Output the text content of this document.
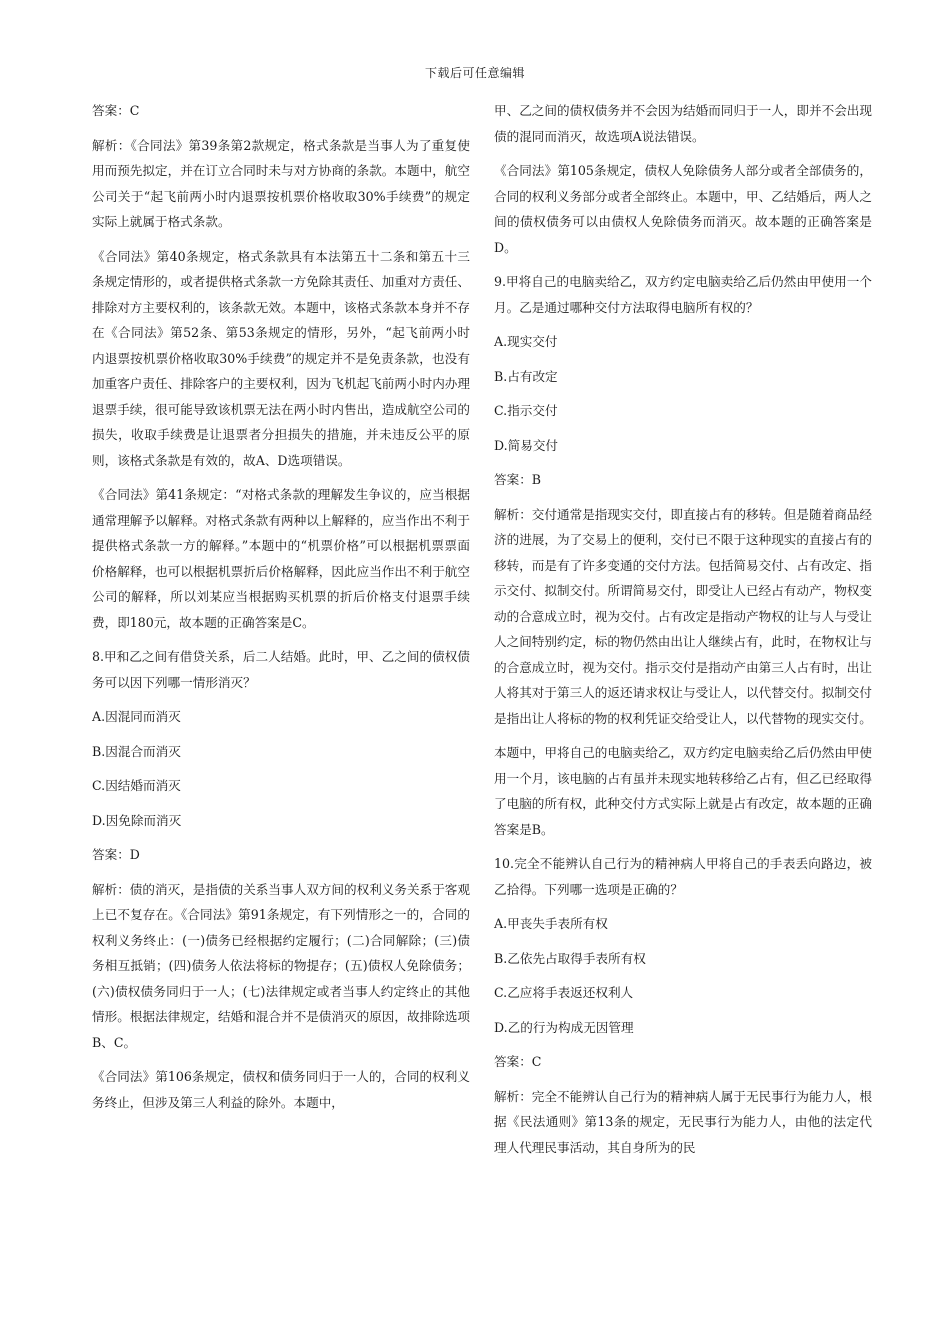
下载后可任意编辑

答案：C

解析：《合同法》第39条第2款规定，格式条款是当事人为了重复使用而预先拟定，并在订立合同时未与对方协商的条款。本题中，航空公司关于“起飞前两小时内退票按机票价格收取30%手续费”的规定实际上就属于格式条款。

《合同法》第40条规定，格式条款具有本法第五十二条和第五十三条规定情形的，或者提供格式条款一方免除其责任、加重对方责任、排除对方主要权利的，该条款无效。本题中，该格式条款本身并不存在《合同法》第52条、第53条规定的情形，另外，“起飞前两小时内退票按机票价格收取30%手续费”的规定并不是免责条款，也没有加重客户责任、排除客户的主要权利，因为飞机起飞前两小时内办理退票手续，很可能导致该机票无法在两小时内售出，造成航空公司的损失，收取手续费是让退票者分担损失的措施，并未违反公平的原则，该格式条款是有效的，故A、D选项错误。

《合同法》第41条规定：“对格式条款的理解发生争议的，应当根据通常理解予以解释。对格式条款有两种以上解释的，应当作出不利于提供格式条款一方的解释。”本题中的“机票价格”可以根据机票票面价格解释，也可以根据机票折后价格解释，因此应当作出不利于航空公司的解释，所以刘某应当根据购买机票的折后价格支付退票手续费，即180元，故本题的正确答案是C。

8.甲和乙之间有借贷关系，后二人结婚。此时，甲、乙之间的债权债务可以因下列哪一情形消灭？

A.因混同而消灭

B.因混合而消灭

C.因结婚而消灭

D.因免除而消灭

答案：D

解析：债的消灭，是指债的关系当事人双方间的权利义务关系于客观上已不复存在。《合同法》第91条规定，有下列情形之一的，合同的权利义务终止：(一)债务已经根据约定履行；(二)合同解除；(三)债务相互抵销；(四)债务人依法将标的物提存；(五)债权人免除债务；(六)债权债务同归于一人；(七)法律规定或者当事人约定终止的其他情形。根据法律规定，结婚和混合并不是债消灭的原因，故排除选项B、C。

《合同法》第106条规定，债权和债务同归于一人的，合同的权利义务终止，但涉及第三人利益的除外。本题中，

甲、乙之间的债权债务并不会因为结婚而同归于一人，即并不会出现债的混同而消灭，故选项A说法错误。

《合同法》第105条规定，债权人免除债务人部分或者全部债务的，合同的权利义务部分或者全部终止。本题中，甲、乙结婚后，两人之间的债权债务可以由债权人免除债务而消灭。故本题的正确答案是D。

9.甲将自己的电脑卖给乙，双方约定电脑卖给乙后仍然由甲使用一个月。乙是通过哪种交付方法取得电脑所有权的？

A.现实交付

B.占有改定

C.指示交付

D.简易交付

答案：B

解析：交付通常是指现实交付，即直接占有的移转。但是随着商品经济的进展，为了交易上的便利，交付已不限于这种现实的直接占有的移转，而是有了许多变通的交付方法。包括简易交付、占有改定、指示交付、拟制交付。所谓简易交付，即受让人已经占有动产，物权变动的合意成立时，视为交付。占有改定是指动产物权的让与人与受让人之间特别约定，标的物仍然由出让人继续占有，此时，在物权让与的合意成立时，视为交付。指示交付是指动产由第三人占有时，出让人将其对于第三人的返还请求权让与受让人，以代替交付。拟制交付是指出让人将标的物的权利凭证交给受让人，以代替物的现实交付。

本题中，甲将自己的电脑卖给乙，双方约定电脑卖给乙后仍然由甲使用一个月，该电脑的占有虽并未现实地转移给乙占有，但乙已经取得了电脑的所有权，此种交付方式实际上就是占有改定，故本题的正确答案是B。

10.完全不能辨认自己行为的精神病人甲将自己的手表丢向路边，被乙拾得。下列哪一选项是正确的？

A.甲丧失手表所有权

B.乙依先占取得手表所有权

C.乙应将手表返还权利人

D.乙的行为构成无因管理

答案：C

解析：完全不能辨认自己行为的精神病人属于无民事行为能力人，根据《民法通则》第13条的规定，无民事行为能力人，由他的法定代理人代理民事活动，其自身所为的民
